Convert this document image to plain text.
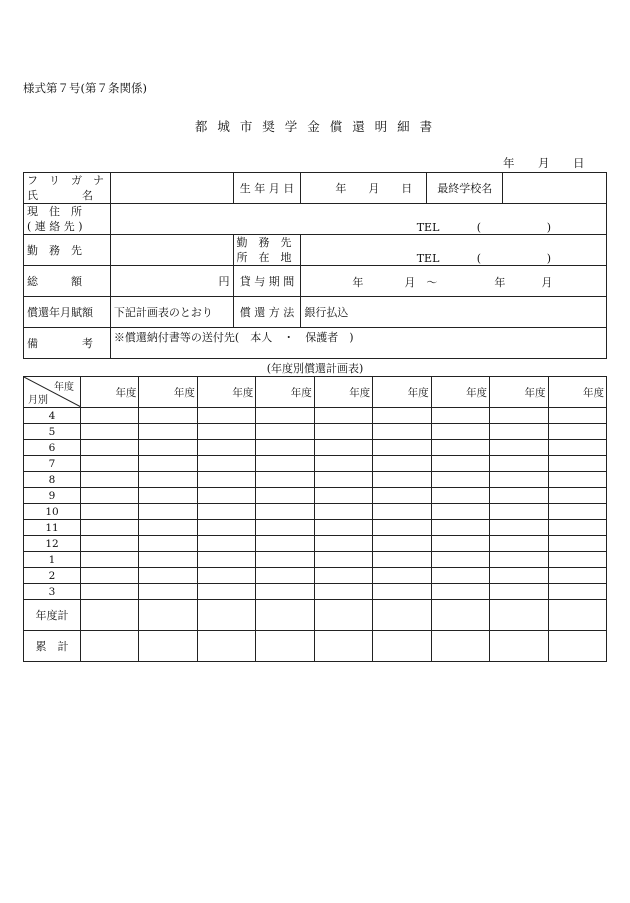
様式第７号(第７条関係)
都 城 市 奨 学 金 償 還 明 細 書
年 月 日
フ　リ　ガ　ナ
氏　　　　名		生 年 月 日	年 月 日	最終学校名	

現　住　所
( 連 絡 先 )	TEL ( )				

勤　務　先		勤　務　先
所　在　地	TEL ( )		

総　　　額	円	貸 与 期 間	年 月 ～ 年 月		

償還年月賦額	下記計画表のとおり	償 還 方 法	銀行払込		
備　　　　考	※償還納付書等の送付先(　本人　・　保護者　)				
(年度別償還計画表)
年度
月別	年度	年度	年度	年度	年度	年度	年度	年度	年度
4									
5									
6									
7									
8									
9									
10									
11									
12									
1									
2									
3									
年度計									
累　計									
